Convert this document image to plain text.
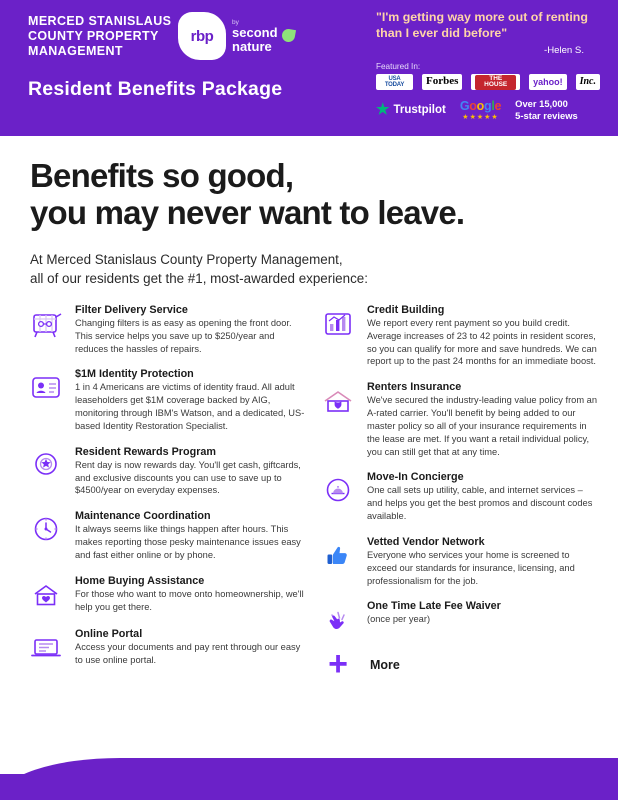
MERCED STANISLAUS COUNTY PROPERTY MANAGEMENT
rbp
by
second
nature
Resident Benefits Package
"I'm getting way more out of renting than I ever did before"
-Helen S.
Featured In:
USA TODAY	Forbes	THE HOUSE	yahoo! Inc.
★ Trustpilot Google
★★★★★
Over 15,000
5-star reviews
Benefits so good,
you may never want to leave.
At Merced Stanislaus County Property Management,
all of our residents get the #1, most-awarded experience:
Filter Delivery Service
Changing filters is as easy as opening the front door. This service helps you save up to $250/year and reduces the hassles of repairs.
$1M Identity Protection
1 in 4 Americans are victims of identity fraud. All adult leaseholders get $1M coverage backed by AIG, monitoring through IBM's Watson, and a dedicated, US-based Identity Restoration Specialist.
Resident Rewards Program
Rent day is now rewards day. You'll get cash, giftcards, and exclusive discounts you can use to save up to $4500/year on everyday expenses.
Maintenance Coordination
It always seems like things happen after hours. This makes reporting those pesky maintenance issues easy and fast either online or by phone.
Home Buying Assistance
For those who want to move onto homeownership, we'll help you get there.
Online Portal
Access your documents and pay rent through our easy to use online portal.
Credit Building
We report every rent payment so you build credit. Average increases of 23 to 42 points in resident scores, so you can qualify for more and save hundreds. We can report up to the past 24 months for an immediate boost.
Renters Insurance
We've secured the industry-leading value policy from an A-rated carrier. You'll benefit by being added to our master policy so all of your insurance requirements in the lease are met. If you want a retail individual policy, you can still get that at any time.
Move-In Concierge
One call sets up utility, cable, and internet services – and helps you get the best promos and discount codes available.
Vetted Vendor Network
Everyone who services your home is screened to exceed our standards for insurance, licensing, and professionalism for the job.
One Time Late Fee Waiver
(once per year)
+	More
